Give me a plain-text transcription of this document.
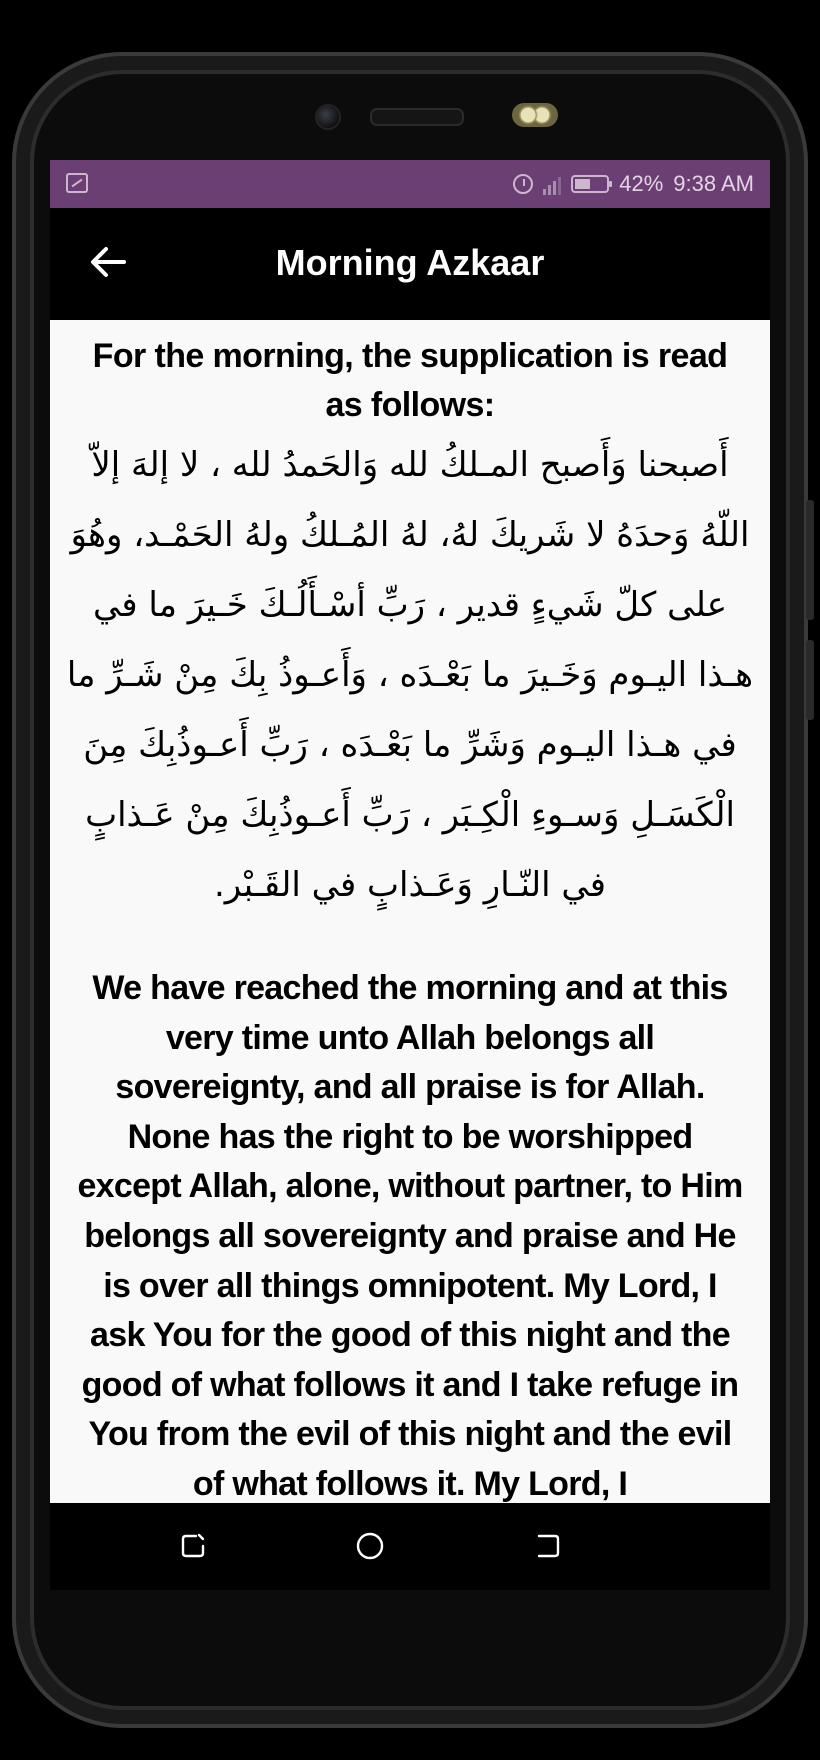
42% 9:38 AM
Morning Azkaar
For the morning, the supplication is read as follows:
أَصبحنا وَأَصبح المـلكُ لله وَالحَمدُ لله ، لا إلهَ إلاّ اللّهُ وَحدَهُ لا شَريكَ لهُ، لهُ المُـلكُ ولهُ الحَمْـد، وهُوَ على كلّ شَيءٍ قدير ، رَبِّ أسْـأَلُـكَ خَـيرَ ما في هـذا اليـوم وَخَـيرَ ما بَعْـدَه ، وَأَعـوذُ بِكَ مِنْ شَـرِّ ما في هـذا اليـوم وَشَرِّ ما بَعْـدَه ، رَبِّ أَعـوذُبِكَ مِنَ الْكَسَـلِ وَسـوءِ الْكِـبَر ، رَبِّ أَعـوذُبِكَ مِنْ عَـذابٍ في النّـارِ وَعَـذابٍ في القَـبْر.
We have reached the morning and at this very time unto Allah belongs all sovereignty, and all praise is for Allah. None has the right to be worshipped except Allah, alone, without partner, to Him belongs all sovereignty and praise and He is over all things omnipotent. My Lord, I ask You for the good of this night and the good of what follows it and I take refuge in You from the evil of this night and the evil of what follows it. My Lord, I
